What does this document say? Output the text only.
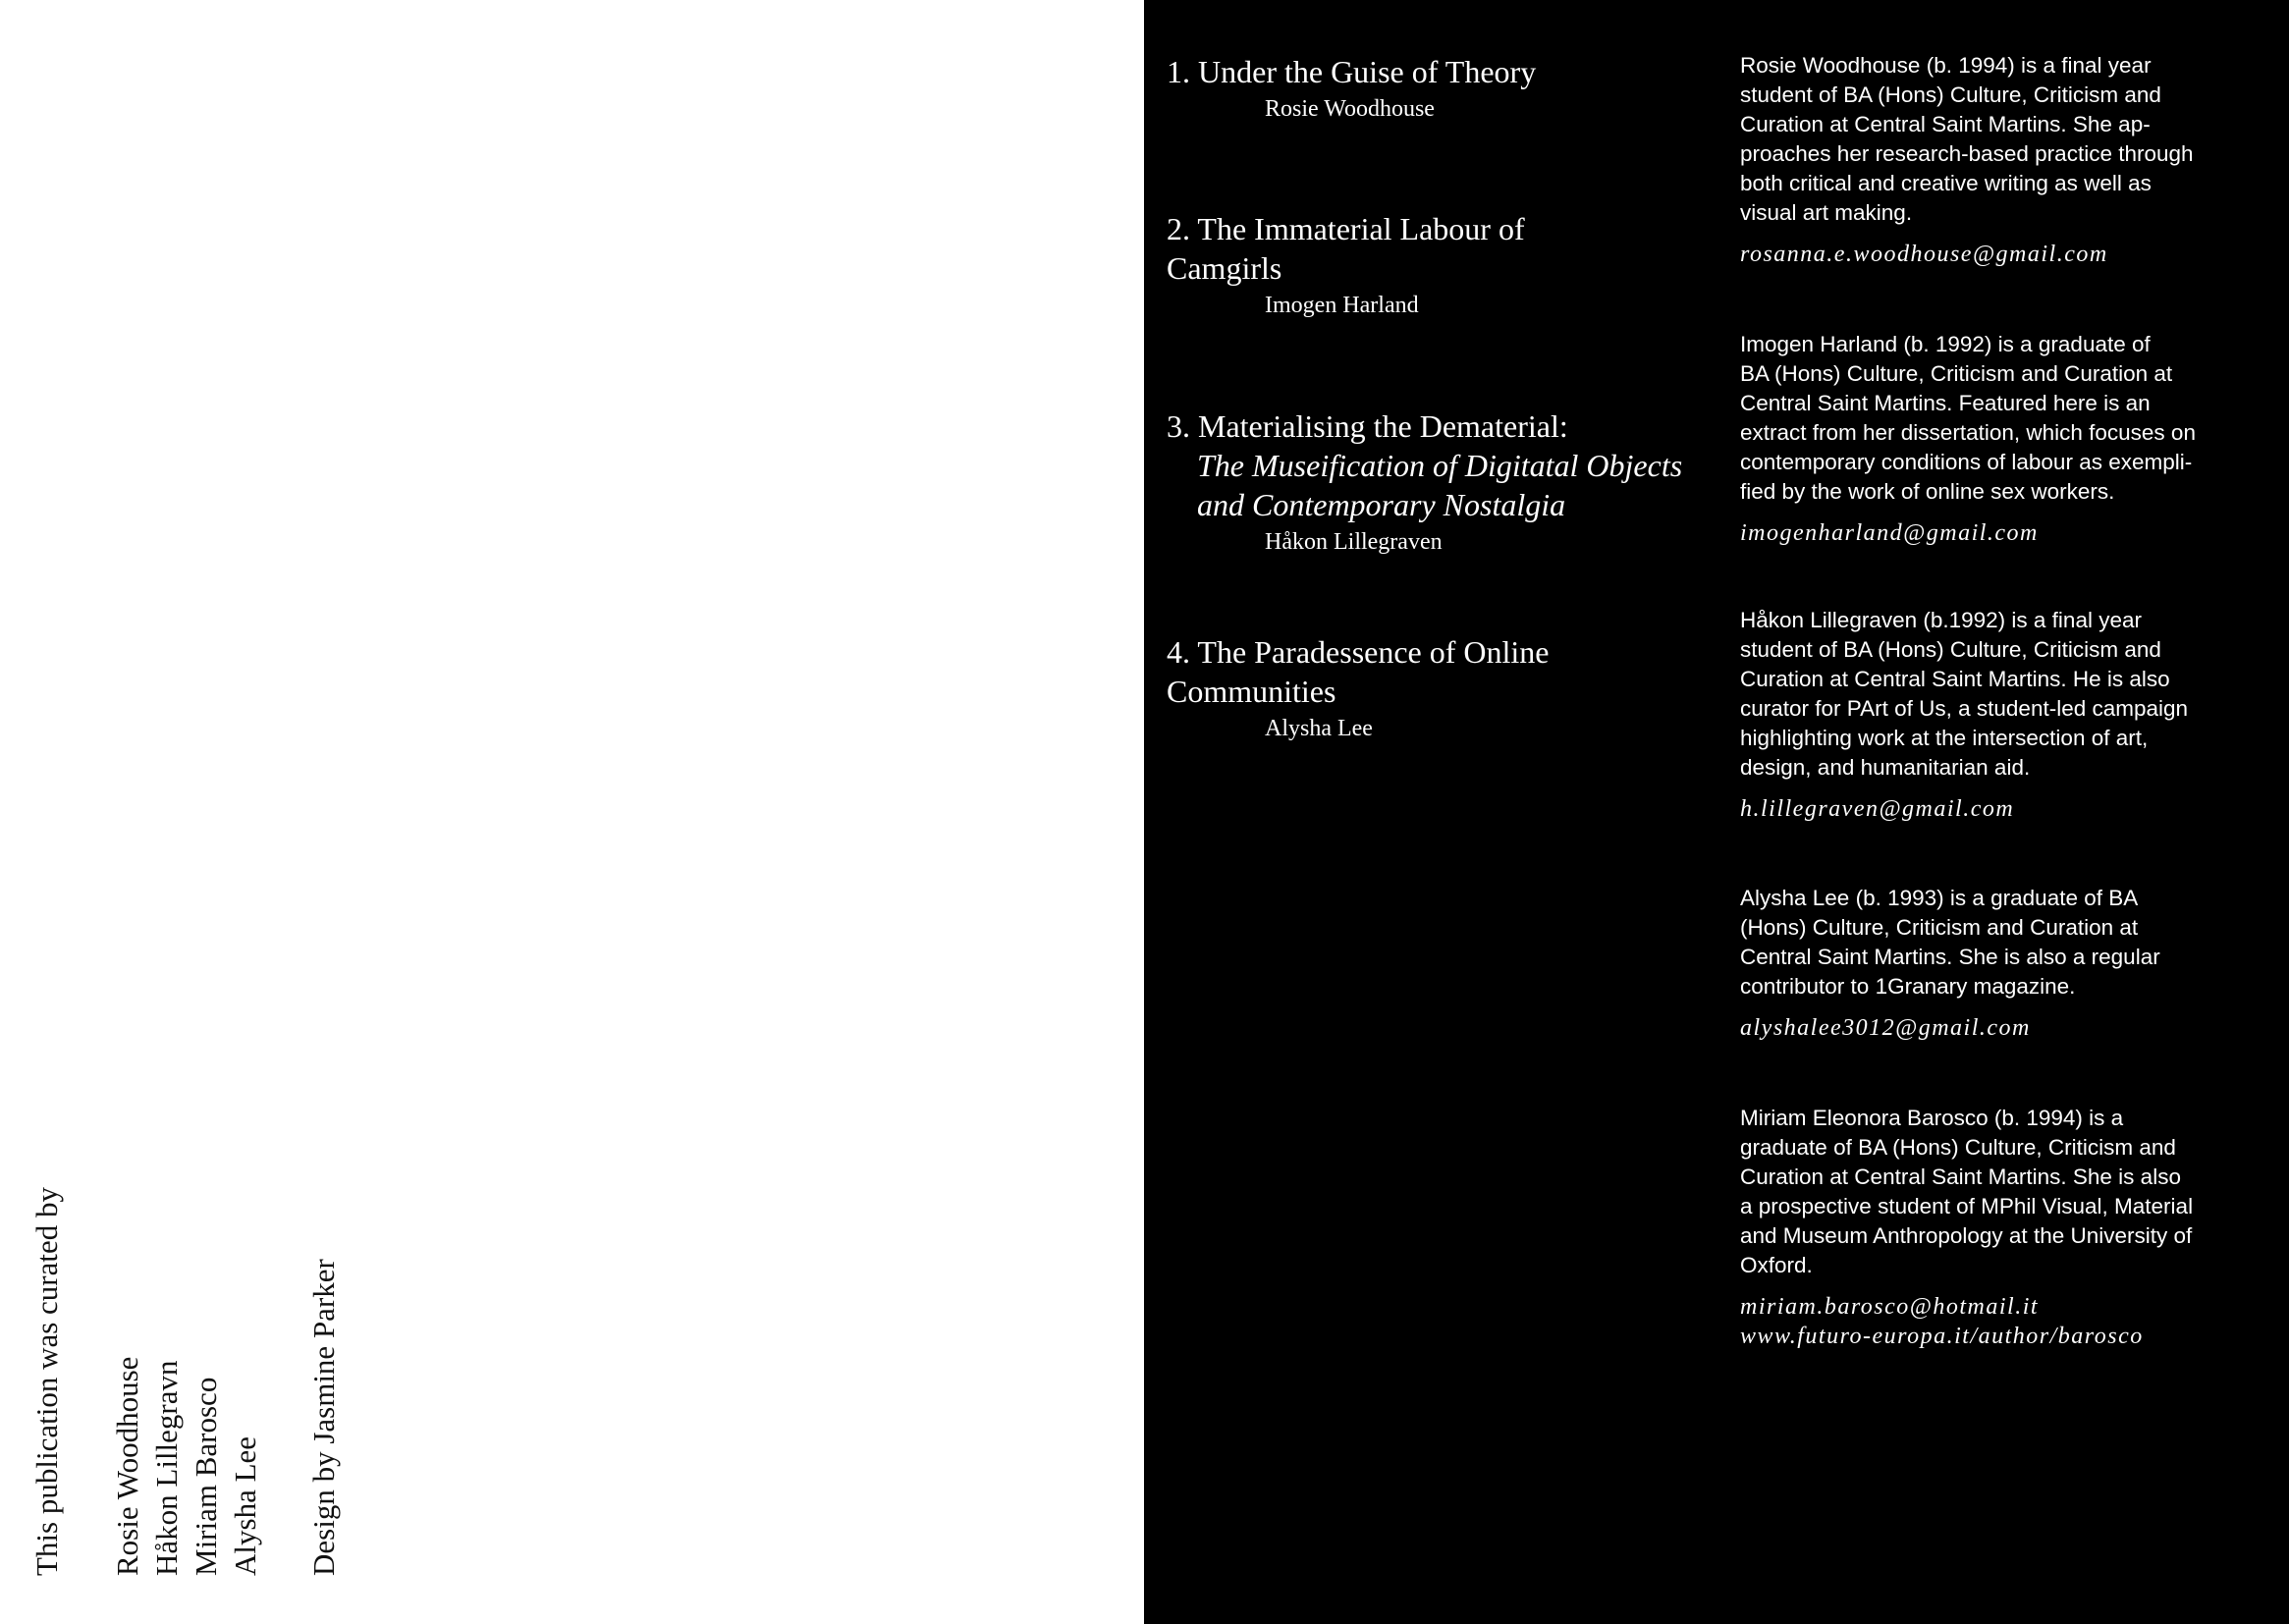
This publication was curated by Rosie Woodhouse Håkon Lillegravn Miriam Barosco Alysha Lee Design by Jasmine Parker
1. Under the Guise of Theory
Rosie Woodhouse
2. The Immaterial Labour of
Camgirls
Imogen Harland
3. Materialising the Dematerial:
The Museification of Digitatal Objects
and Contemporary Nostalgia
Håkon Lillegraven
4. The Paradessence of Online
Communities
Alysha Lee
Rosie Woodhouse (b. 1994) is a final year
student of BA (Hons) Culture, Criticism and
Curation at Central Saint Martins. She ap-
proaches her research-based practice through
both critical and creative writing as well as
visual art making.
rosanna.e.woodhouse@gmail.com
Imogen Harland (b. 1992) is a graduate of
BA (Hons) Culture, Criticism and Curation at
Central Saint Martins. Featured here is an
extract from her dissertation, which focuses on
contemporary conditions of labour as exempli-
fied by the work of online sex workers.
imogenharland@gmail.com
Håkon Lillegraven (b.1992) is a final year
student of BA (Hons) Culture, Criticism and
Curation at Central Saint Martins. He is also
curator for PArt of Us, a student-led campaign
highlighting work at the intersection of art,
design, and humanitarian aid.
h.lillegraven@gmail.com
Alysha Lee (b. 1993) is a graduate of BA
(Hons) Culture, Criticism and Curation at
Central Saint Martins. She is also a regular
contributor to 1Granary magazine.
alyshalee3012@gmail.com
Miriam Eleonora Barosco (b. 1994) is a
graduate of BA (Hons) Culture, Criticism and
Curation at Central Saint Martins. She is also
a prospective student of MPhil Visual, Material
and Museum Anthropology at the University of
Oxford.
miriam.barosco@hotmail.it
www.futuro-europa.it/author/barosco
